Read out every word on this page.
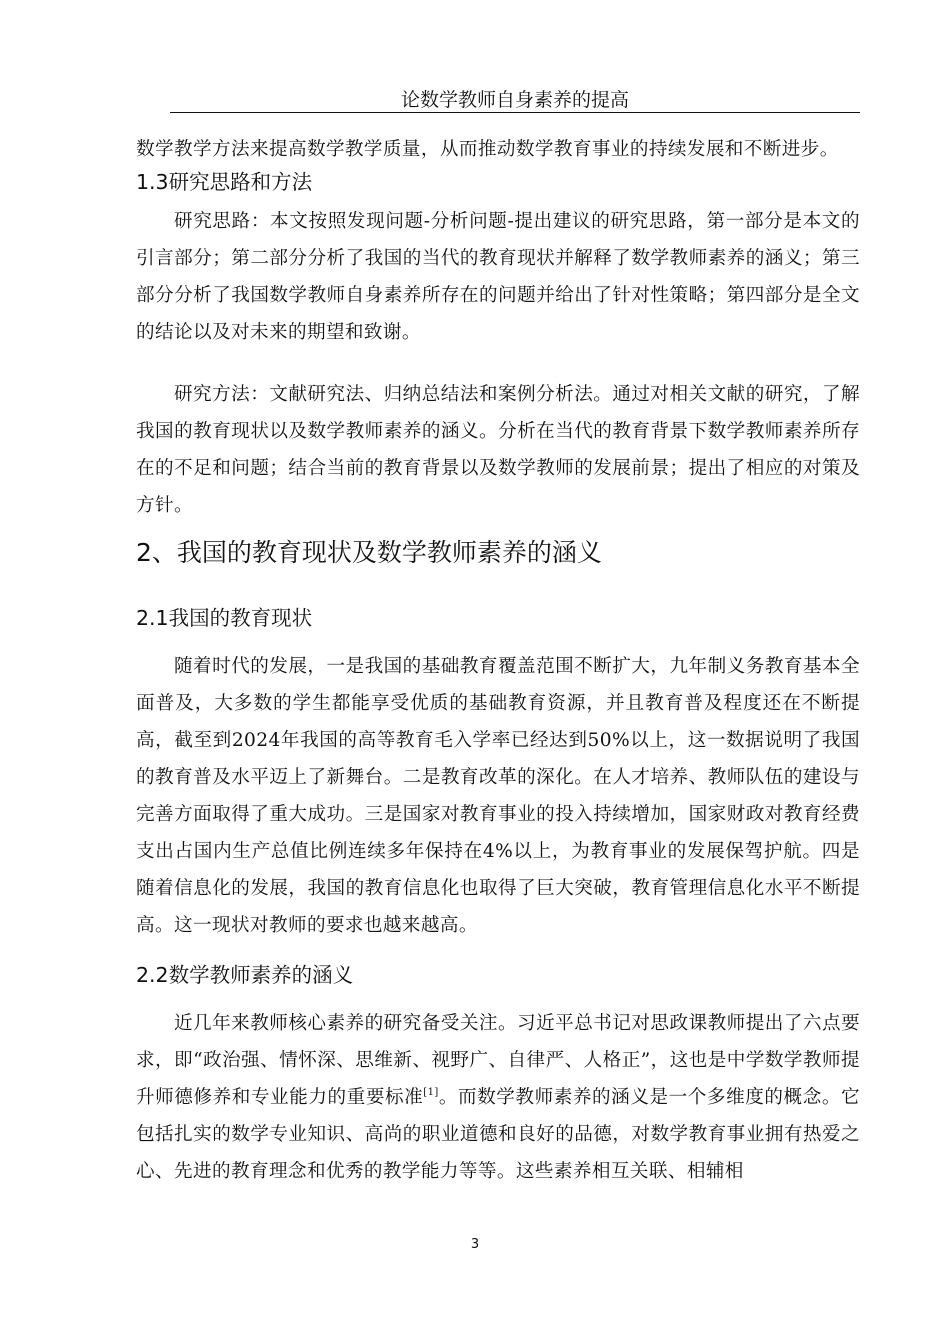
论数学教师自身素养的提高

数学教学方法来提高数学教学质量，从而推动数学教育事业的持续发展和不断进步。

1.3研究思路和方法

研究思路：本文按照发现问题-分析问题-提出建议的研究思路，第一部分是本文的引言部分；第二部分分析了我国的当代的教育现状并解释了数学教师素养的涵义；第三部分分析了我国数学教师自身素养所存在的问题并给出了针对性策略；第四部分是全文的结论以及对未来的期望和致谢。

研究方法：文献研究法、归纳总结法和案例分析法。通过对相关文献的研究，了解我国的教育现状以及数学教师素养的涵义。分析在当代的教育背景下数学教师素养所存在的不足和问题；结合当前的教育背景以及数学教师的发展前景；提出了相应的对策及方针。

2、我国的教育现状及数学教师素养的涵义
2.1我国的教育现状

随着时代的发展，一是我国的基础教育覆盖范围不断扩大，九年制义务教育基本全面普及，大多数的学生都能享受优质的基础教育资源，并且教育普及程度还在不断提高，截至到2024年我国的高等教育毛入学率已经达到50%以上，这一数据说明了我国的教育普及水平迈上了新舞台。二是教育改革的深化。在人才培养、教师队伍的建设与完善方面取得了重大成功。三是国家对教育事业的投入持续增加，国家财政对教育经费支出占国内生产总值比例连续多年保持在4%以上，为教育事业的发展保驾护航。四是随着信息化的发展，我国的教育信息化也取得了巨大突破，教育管理信息化水平不断提高。这一现状对教师的要求也越来越高。

2.2数学教师素养的涵义

近几年来教师核心素养的研究备受关注。习近平总书记对思政课教师提出了六点要求，即“政治强、情怀深、思维新、视野广、自律严、人格正”，这也是中学数学教师提升师德修养和专业能力的重要标准[1]。而数学教师素养的涵义是一个多维度的概念。它包括扎实的数学专业知识、高尚的职业道德和良好的品德，对数学教育事业拥有热爱之心、先进的教育理念和优秀的教学能力等等。这些素养相互关联、相辅相

3
